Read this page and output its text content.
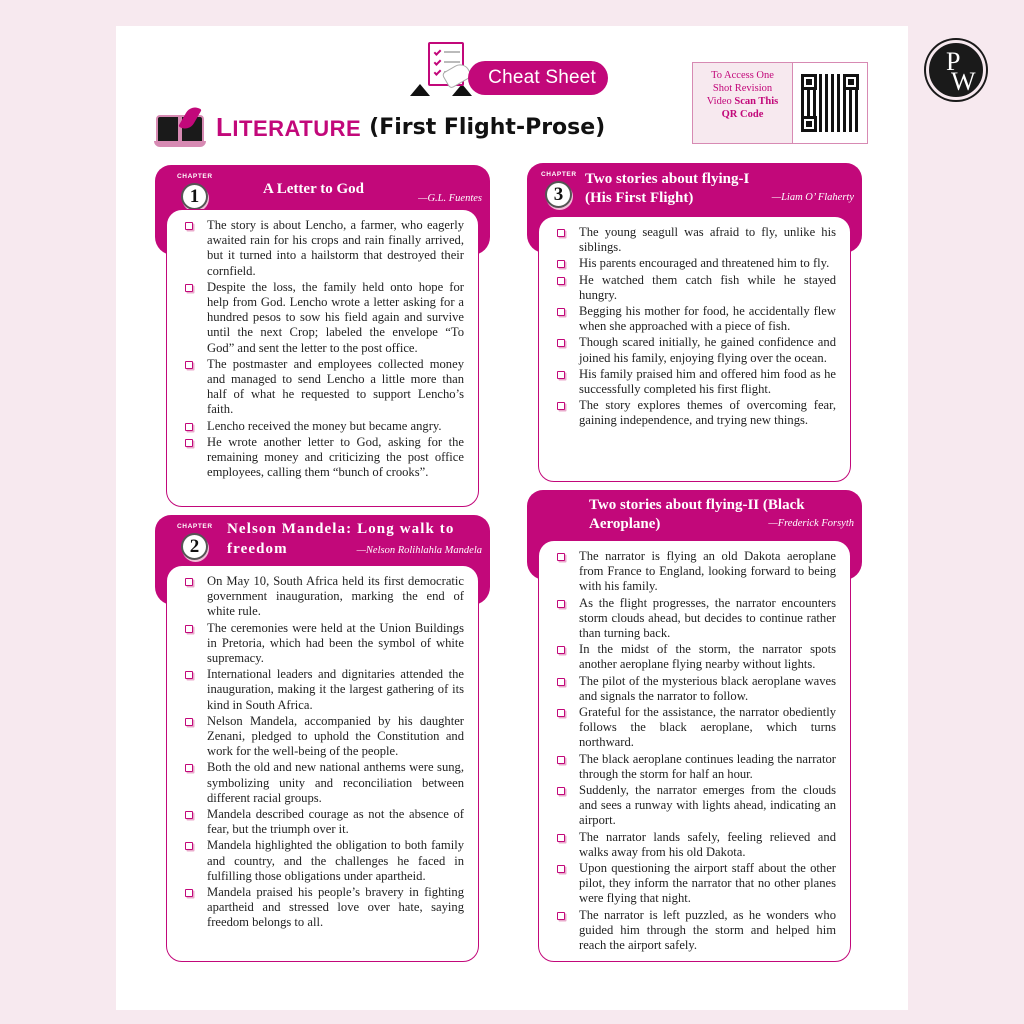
Cheat Sheet	To Access One
Shot Revision
Video Scan This
QR Code
P
W
LITERATURE (First Flight-Prose)
CHAPTER
1	A Letter to God
—G.L. Fuentes
The story is about Lencho, a farmer, who eagerly awaited rain for his crops and rain finally arrived, but it turned into a hailstorm that destroyed their cornfield.
Despite the loss, the family held onto hope for help from God. Lencho wrote a letter asking for a hundred pesos to sow his field again and survive until the next Crop; labeled the envelope “To God” and sent the letter to the post office.
The postmaster and employees collected money and managed to send Lencho a little more than half of what he requested to support Lencho’s faith.
Lencho received the money but became angry.
He wrote another letter to God, asking for the remaining money and criticizing the post office employees, calling them “bunch of crooks”.
CHAPTER
2
Nelson Mandela: Long walk to
freedom	—Nelson Rolihlahla Mandela
On May 10, South Africa held its first democratic government inauguration, marking the end of white rule.
The ceremonies were held at the Union Buildings in Pretoria, which had been the symbol of white supremacy.
International leaders and dignitaries attended the inauguration, making it the largest gathering of its kind in South Africa.
Nelson Mandela, accompanied by his daughter Zenani, pledged to uphold the Constitution and work for the well-being of the people.
Both the old and new national anthems were sung, symbolizing unity and reconciliation between different racial groups.
Mandela described courage as not the absence of fear, but the triumph over it.
Mandela highlighted the obligation to both family and country, and the challenges he faced in fulfilling those obligations under apartheid.
Mandela praised his people’s bravery in fighting apartheid and stressed love over hate, saying freedom belongs to all.
CHAPTER
3
Two stories about flying-I
(His First Flight)	—Liam O’ Flaherty
The young seagull was afraid to fly, unlike his siblings.
His parents encouraged and threatened him to fly.
He watched them catch fish while he stayed hungry.
Begging his mother for food, he accidentally flew when she approached with a piece of fish.
Though scared initially, he gained confidence and joined his family, enjoying flying over the ocean.
His family praised him and offered him food as he successfully completed his first flight.
The story explores themes of overcoming fear, gaining independence, and trying new things.
Two stories about flying-II (Black
Aeroplane)	—Frederick Forsyth
The narrator is flying an old Dakota aeroplane from France to England, looking forward to being with his family.
As the flight progresses, the narrator encounters storm clouds ahead, but decides to continue rather than turning back.
In the midst of the storm, the narrator spots another aeroplane flying nearby without lights.
The pilot of the mysterious black aeroplane waves and signals the narrator to follow.
Grateful for the assistance, the narrator obediently follows the black aeroplane, which turns northward.
The black aeroplane continues leading the narrator through the storm for half an hour.
Suddenly, the narrator emerges from the clouds and sees a runway with lights ahead, indicating an airport.
The narrator lands safely, feeling relieved and walks away from his old Dakota.
Upon questioning the airport staff about the other pilot, they inform the narrator that no other planes were flying that night.
The narrator is left puzzled, as he wonders who guided him through the storm and helped him reach the airport safely.
